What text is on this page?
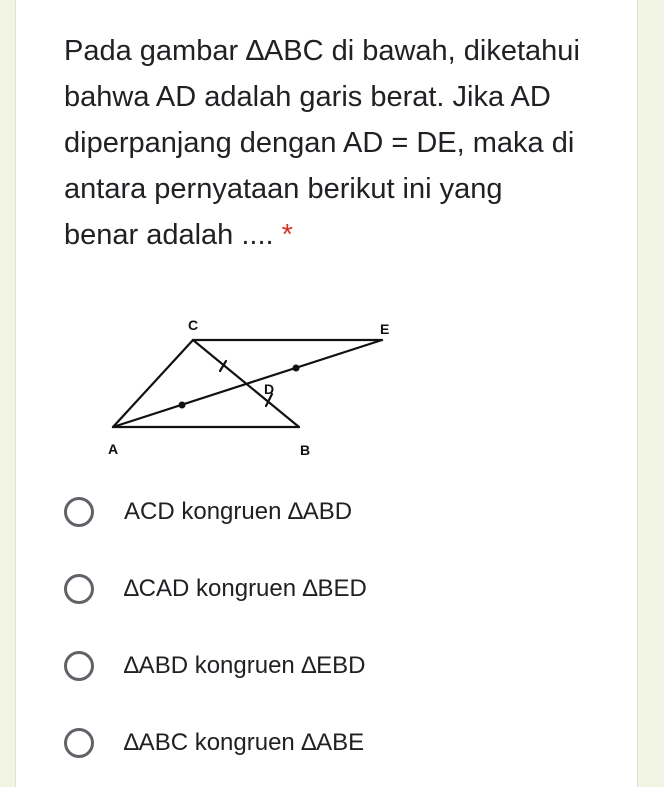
Pada gambar ∆ABC di bawah, diketahui bahwa AD adalah garis berat. Jika AD diperpanjang dengan AD = DE, maka di antara pernyataan berikut ini yang benar adalah .... *

C	E
D
A	B
ACD kongruen ∆ABD
∆CAD kongruen ∆BED
∆ABD kongruen ∆EBD
∆ABC kongruen ∆ABE
